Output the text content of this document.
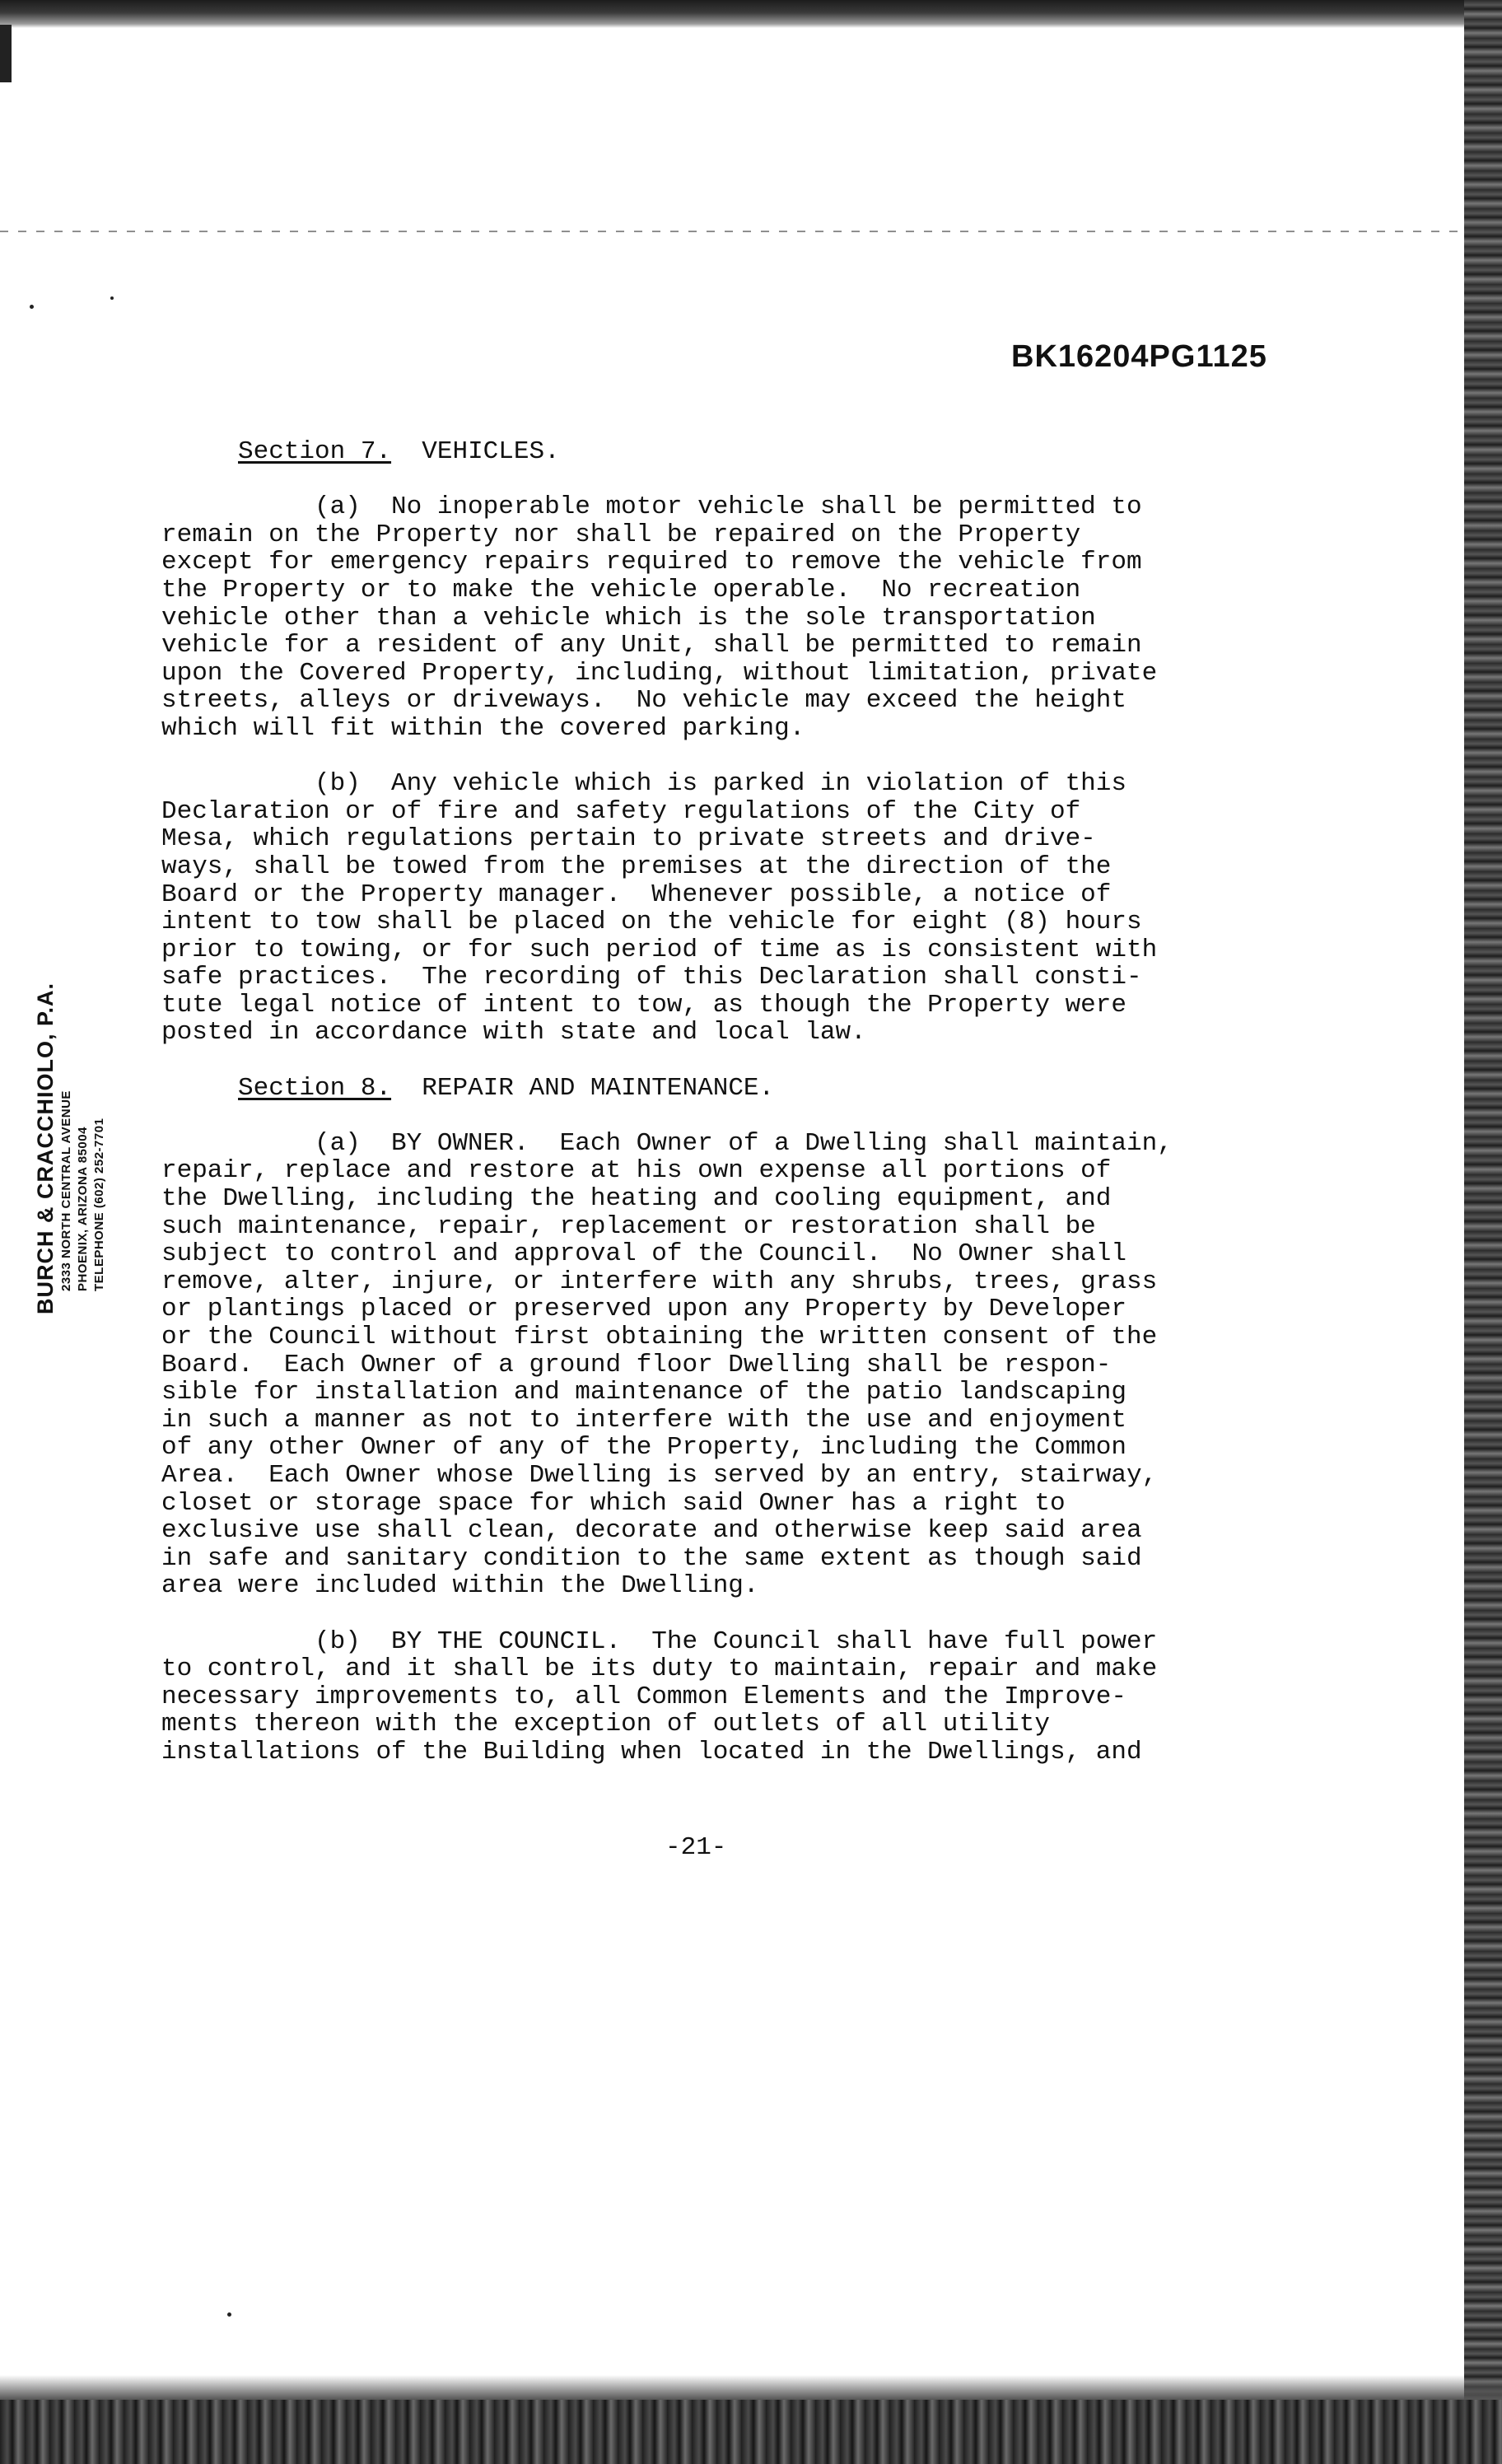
BK16204PG1125
BURCH & CRACCHIOLO, P.A. 2333 NORTH CENTRAL AVENUE PHOENIX, ARIZONA 85004 TELEPHONE (602) 252-7701
Section 7. VEHICLES.
(a)  No inoperable motor vehicle shall be permitted to
remain on the Property nor shall be repaired on the Property
except for emergency repairs required to remove the vehicle from
the Property or to make the vehicle operable.  No recreation
vehicle other than a vehicle which is the sole transportation
vehicle for a resident of any Unit, shall be permitted to remain
upon the Covered Property, including, without limitation, private
streets, alleys or driveways.  No vehicle may exceed the height
which will fit within the covered parking.
(b)  Any vehicle which is parked in violation of this
Declaration or of fire and safety regulations of the City of
Mesa, which regulations pertain to private streets and drive-
ways, shall be towed from the premises at the direction of the
Board or the Property manager.  Whenever possible, a notice of
intent to tow shall be placed on the vehicle for eight (8) hours
prior to towing, or for such period of time as is consistent with
safe practices.  The recording of this Declaration shall consti-
tute legal notice of intent to tow, as though the Property were
posted in accordance with state and local law.
Section 8. REPAIR AND MAINTENANCE.
(a)  BY OWNER.  Each Owner of a Dwelling shall maintain,
repair, replace and restore at his own expense all portions of
the Dwelling, including the heating and cooling equipment, and
such maintenance, repair, replacement or restoration shall be
subject to control and approval of the Council.  No Owner shall
remove, alter, injure, or interfere with any shrubs, trees, grass
or plantings placed or preserved upon any Property by Developer
or the Council without first obtaining the written consent of the
Board.  Each Owner of a ground floor Dwelling shall be respon-
sible for installation and maintenance of the patio landscaping
in such a manner as not to interfere with the use and enjoyment
of any other Owner of any of the Property, including the Common
Area.  Each Owner whose Dwelling is served by an entry, stairway,
closet or storage space for which said Owner has a right to
exclusive use shall clean, decorate and otherwise keep said area
in safe and sanitary condition to the same extent as though said
area were included within the Dwelling.
(b)  BY THE COUNCIL.  The Council shall have full power
to control, and it shall be its duty to maintain, repair and make
necessary improvements to, all Common Elements and the Improve-
ments thereon with the exception of outlets of all utility
installations of the Building when located in the Dwellings, and
-21-
